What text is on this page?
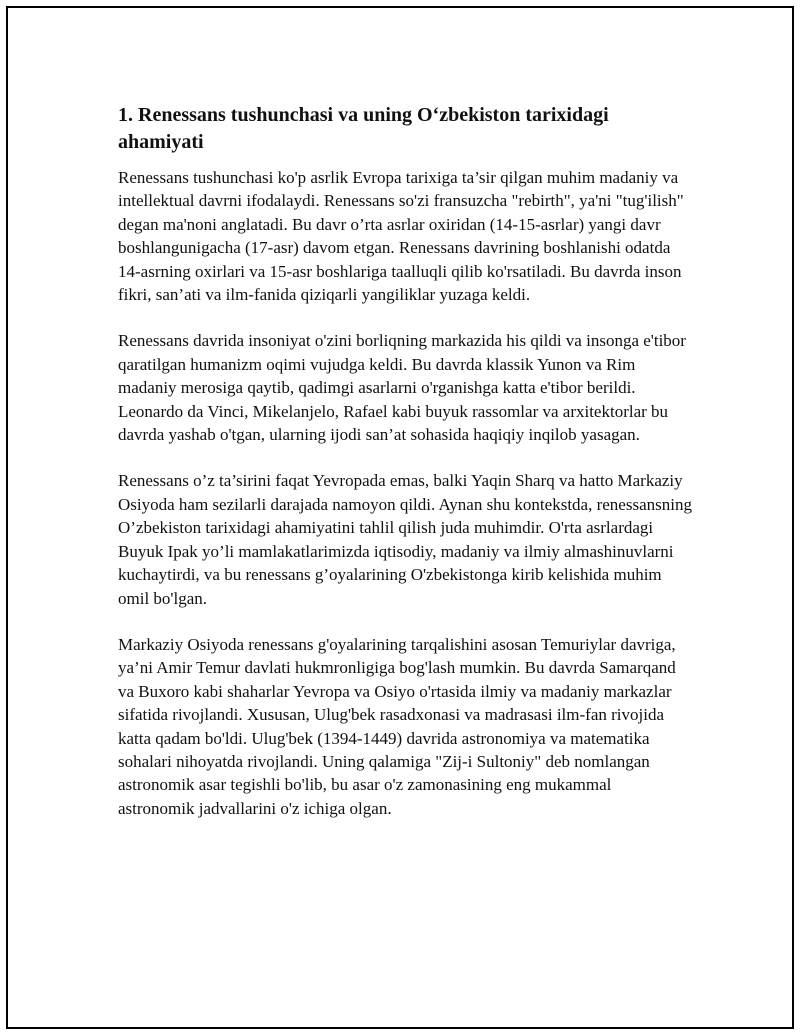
1. Renessans tushunchasi va uning O‘zbekiston tarixidagi ahamiyati

Renessans tushunchasi ko'p asrlik Evropa tarixiga ta’sir qilgan muhim madaniy va intellektual davrni ifodalaydi. Renessans so'zi fransuzcha "rebirth", ya'ni "tug'ilish" degan ma'noni anglatadi. Bu davr o’rta asrlar oxiridan (14-15-asrlar) yangi davr boshlangunigacha (17-asr) davom etgan. Renessans davrining boshlanishi odatda 14-asrning oxirlari va 15-asr boshlariga taalluqli qilib ko'rsatiladi. Bu davrda inson fikri, san’ati va ilm-fanida qiziqarli yangiliklar yuzaga keldi.

Renessans davrida insoniyat o'zini borliqning markazida his qildi va insonga e'tibor qaratilgan humanizm oqimi vujudga keldi. Bu davrda klassik Yunon va Rim madaniy merosiga qaytib, qadimgi asarlarni o'rganishga katta e'tibor berildi. Leonardo da Vinci, Mikelanjelo, Rafael kabi buyuk rassomlar va arxitektorlar bu davrda yashab o'tgan, ularning ijodi san’at sohasida haqiqiy inqilob yasagan.

Renessans o’z ta’sirini faqat Yevropada emas, balki Yaqin Sharq va hatto Markaziy Osiyoda ham sezilarli darajada namoyon qildi. Aynan shu kontekstda, renessansning O’zbekiston tarixidagi ahamiyatini tahlil qilish juda muhimdir. O'rta asrlardagi Buyuk Ipak yo’li mamlakatlarimizda iqtisodiy, madaniy va ilmiy almashinuvlarni kuchaytirdi, va bu renessans g’oyalarining O'zbekistonga kirib kelishida muhim omil bo'lgan.

Markaziy Osiyoda renessans g'oyalarining tarqalishini asosan Temuriylar davriga, ya’ni Amir Temur davlati hukmronligiga bog'lash mumkin. Bu davrda Samarqand va Buxoro kabi shaharlar Yevropa va Osiyo o'rtasida ilmiy va madaniy markazlar sifatida rivojlandi. Xususan, Ulug'bek rasadxonasi va madrasasi ilm-fan rivojida katta qadam bo'ldi. Ulug'bek (1394-1449) davrida astronomiya va matematika sohalari nihoyatda rivojlandi. Uning qalamiga "Zij-i Sultoniy" deb nomlangan astronomik asar tegishli bo'lib, bu asar o'z zamonasining eng mukammal astronomik jadvallarini o'z ichiga olgan.
